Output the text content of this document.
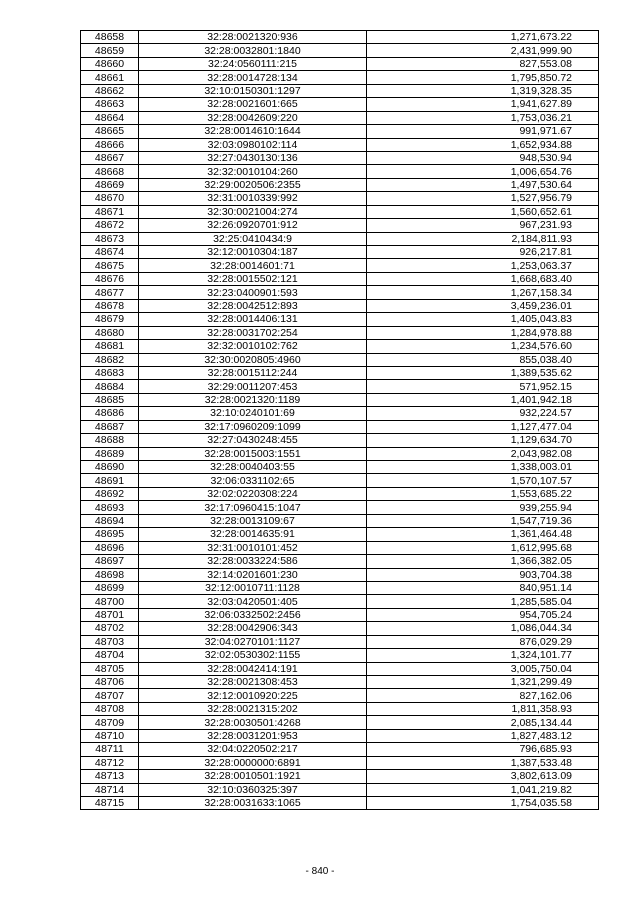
48658	32:28:0021320:936	1,271,673.22
48659	32:28:0032801:1840	2,431,999.90
48660	32:24:0560111:215	827,553.08
48661	32:28:0014728:134	1,795,850.72
48662	32:10:0150301:1297	1,319,328.35
48663	32:28:0021601:665	1,941,627.89
48664	32:28:0042609:220	1,753,036.21
48665	32:28:0014610:1644	991,971.67
48666	32:03:0980102:114	1,652,934.88
48667	32:27:0430130:136	948,530.94
48668	32:32:0010104:260	1,006,654.76
48669	32:29:0020506:2355	1,497,530.64
48670	32:31:0010339:992	1,527,956.79
48671	32:30:0021004:274	1,560,652.61
48672	32:26:0920701:912	967,231.93
48673	32:25:0410434:9	2,184,811.93
48674	32:12:0010304:187	926,217.81
48675	32:28:0014601:71	1,253,063.37
48676	32:28:0015502:121	1,668,683.40
48677	32:23:0400901:593	1,267,158.34
48678	32:28:0042512:893	3,459,236.01
48679	32:28:0014406:131	1,405,043.83
48680	32:28:0031702:254	1,284,978.88
48681	32:32:0010102:762	1,234,576.60
48682	32:30:0020805:4960	855,038.40
48683	32:28:0015112:244	1,389,535.62
48684	32:29:0011207:453	571,952.15
48685	32:28:0021320:1189	1,401,942.18
48686	32:10:0240101:69	932,224.57
48687	32:17:0960209:1099	1,127,477.04
48688	32:27:0430248:455	1,129,634.70
48689	32:28:0015003:1551	2,043,982.08
48690	32:28:0040403:55	1,338,003.01
48691	32:06:0331102:65	1,570,107.57
48692	32:02:0220308:224	1,553,685.22
48693	32:17:0960415:1047	939,255.94
48694	32:28:0013109:67	1,547,719.36
48695	32:28:0014635:91	1,361,464.48
48696	32:31:0010101:452	1,612,995.68
48697	32:28:0033224:586	1,366,382.05
48698	32:14:0201601:230	903,704.38
48699	32:12:0010711:1128	840,951.14
48700	32:03:0420501:405	1,285,585.04
48701	32:06:0332502:2456	954,705.24
48702	32:28:0042906:343	1,086,044.34
48703	32:04:0270101:1127	876,029.29
48704	32:02:0530302:1155	1,324,101.77
48705	32:28:0042414:191	3,005,750.04
48706	32:28:0021308:453	1,321,299.49
48707	32:12:0010920:225	827,162.06
48708	32:28:0021315:202	1,811,358.93
48709	32:28:0030501:4268	2,085,134.44
48710	32:28:0031201:953	1,827,483.12
48711	32:04:0220502:217	796,685.93
48712	32:28:0000000:6891	1,387,533.48
48713	32:28:0010501:1921	3,802,613.09
48714	32:10:0360325:397	1,041,219.82
48715	32:28:0031633:1065	1,754,035.58
- 840 -
